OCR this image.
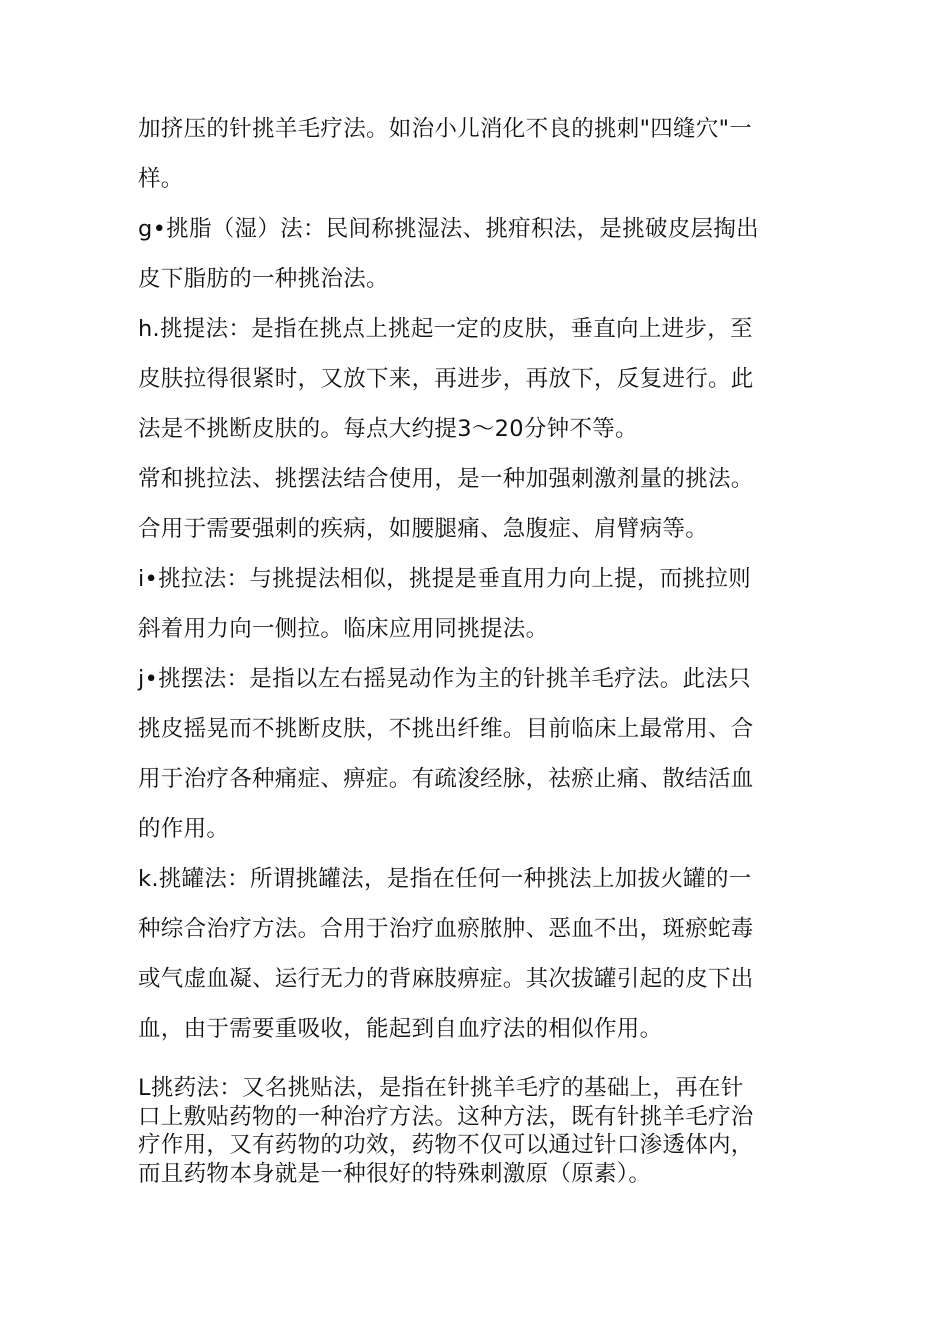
加挤压的针挑羊毛疗法。如治小儿消化不良的挑刺"四缝穴"一
样。

g•挑脂（湿）法：民间称挑湿法、挑疳积法，是挑破皮层掏出
皮下脂肪的一种挑治法。

h.挑提法：是指在挑点上挑起一定的皮肤，垂直向上进步，至
皮肤拉得很紧时，又放下来，再进步，再放下，反复进行。此
法是不挑断皮肤的。每点大约提3〜20分钟不等。

常和挑拉法、挑摆法结合使用，是一种加强刺激剂量的挑法。
合用于需要强刺的疾病，如腰腿痛、急腹症、肩臂病等。

i•挑拉法：与挑提法相似，挑提是垂直用力向上提，而挑拉则
斜着用力向一侧拉。临床应用同挑提法。

j•挑摆法：是指以左右摇晃动作为主的针挑羊毛疗法。此法只
挑皮摇晃而不挑断皮肤，不挑出纤维。目前临床上最常用、合
用于治疗各种痛症、痹症。有疏浚经脉，祛瘀止痛、散结活血
的作用。

k.挑罐法：所谓挑罐法，是指在任何一种挑法上加拔火罐的一
种综合治疗方法。合用于治疗血瘀脓肿、恶血不出，斑瘀蛇毒
或气虚血凝、运行无力的背麻肢痹症。其次拔罐引起的皮下出
血，由于需要重吸收，能起到自血疗法的相似作用。

L挑药法：又名挑贴法，是指在针挑羊毛疗的基础上，再在针
口上敷贴药物的一种治疗方法。这种方法，既有针挑羊毛疗治
疗作用，又有药物的功效，药物不仅可以通过针口渗透体内，
而且药物本身就是一种很好的特殊刺激原（原素）。
